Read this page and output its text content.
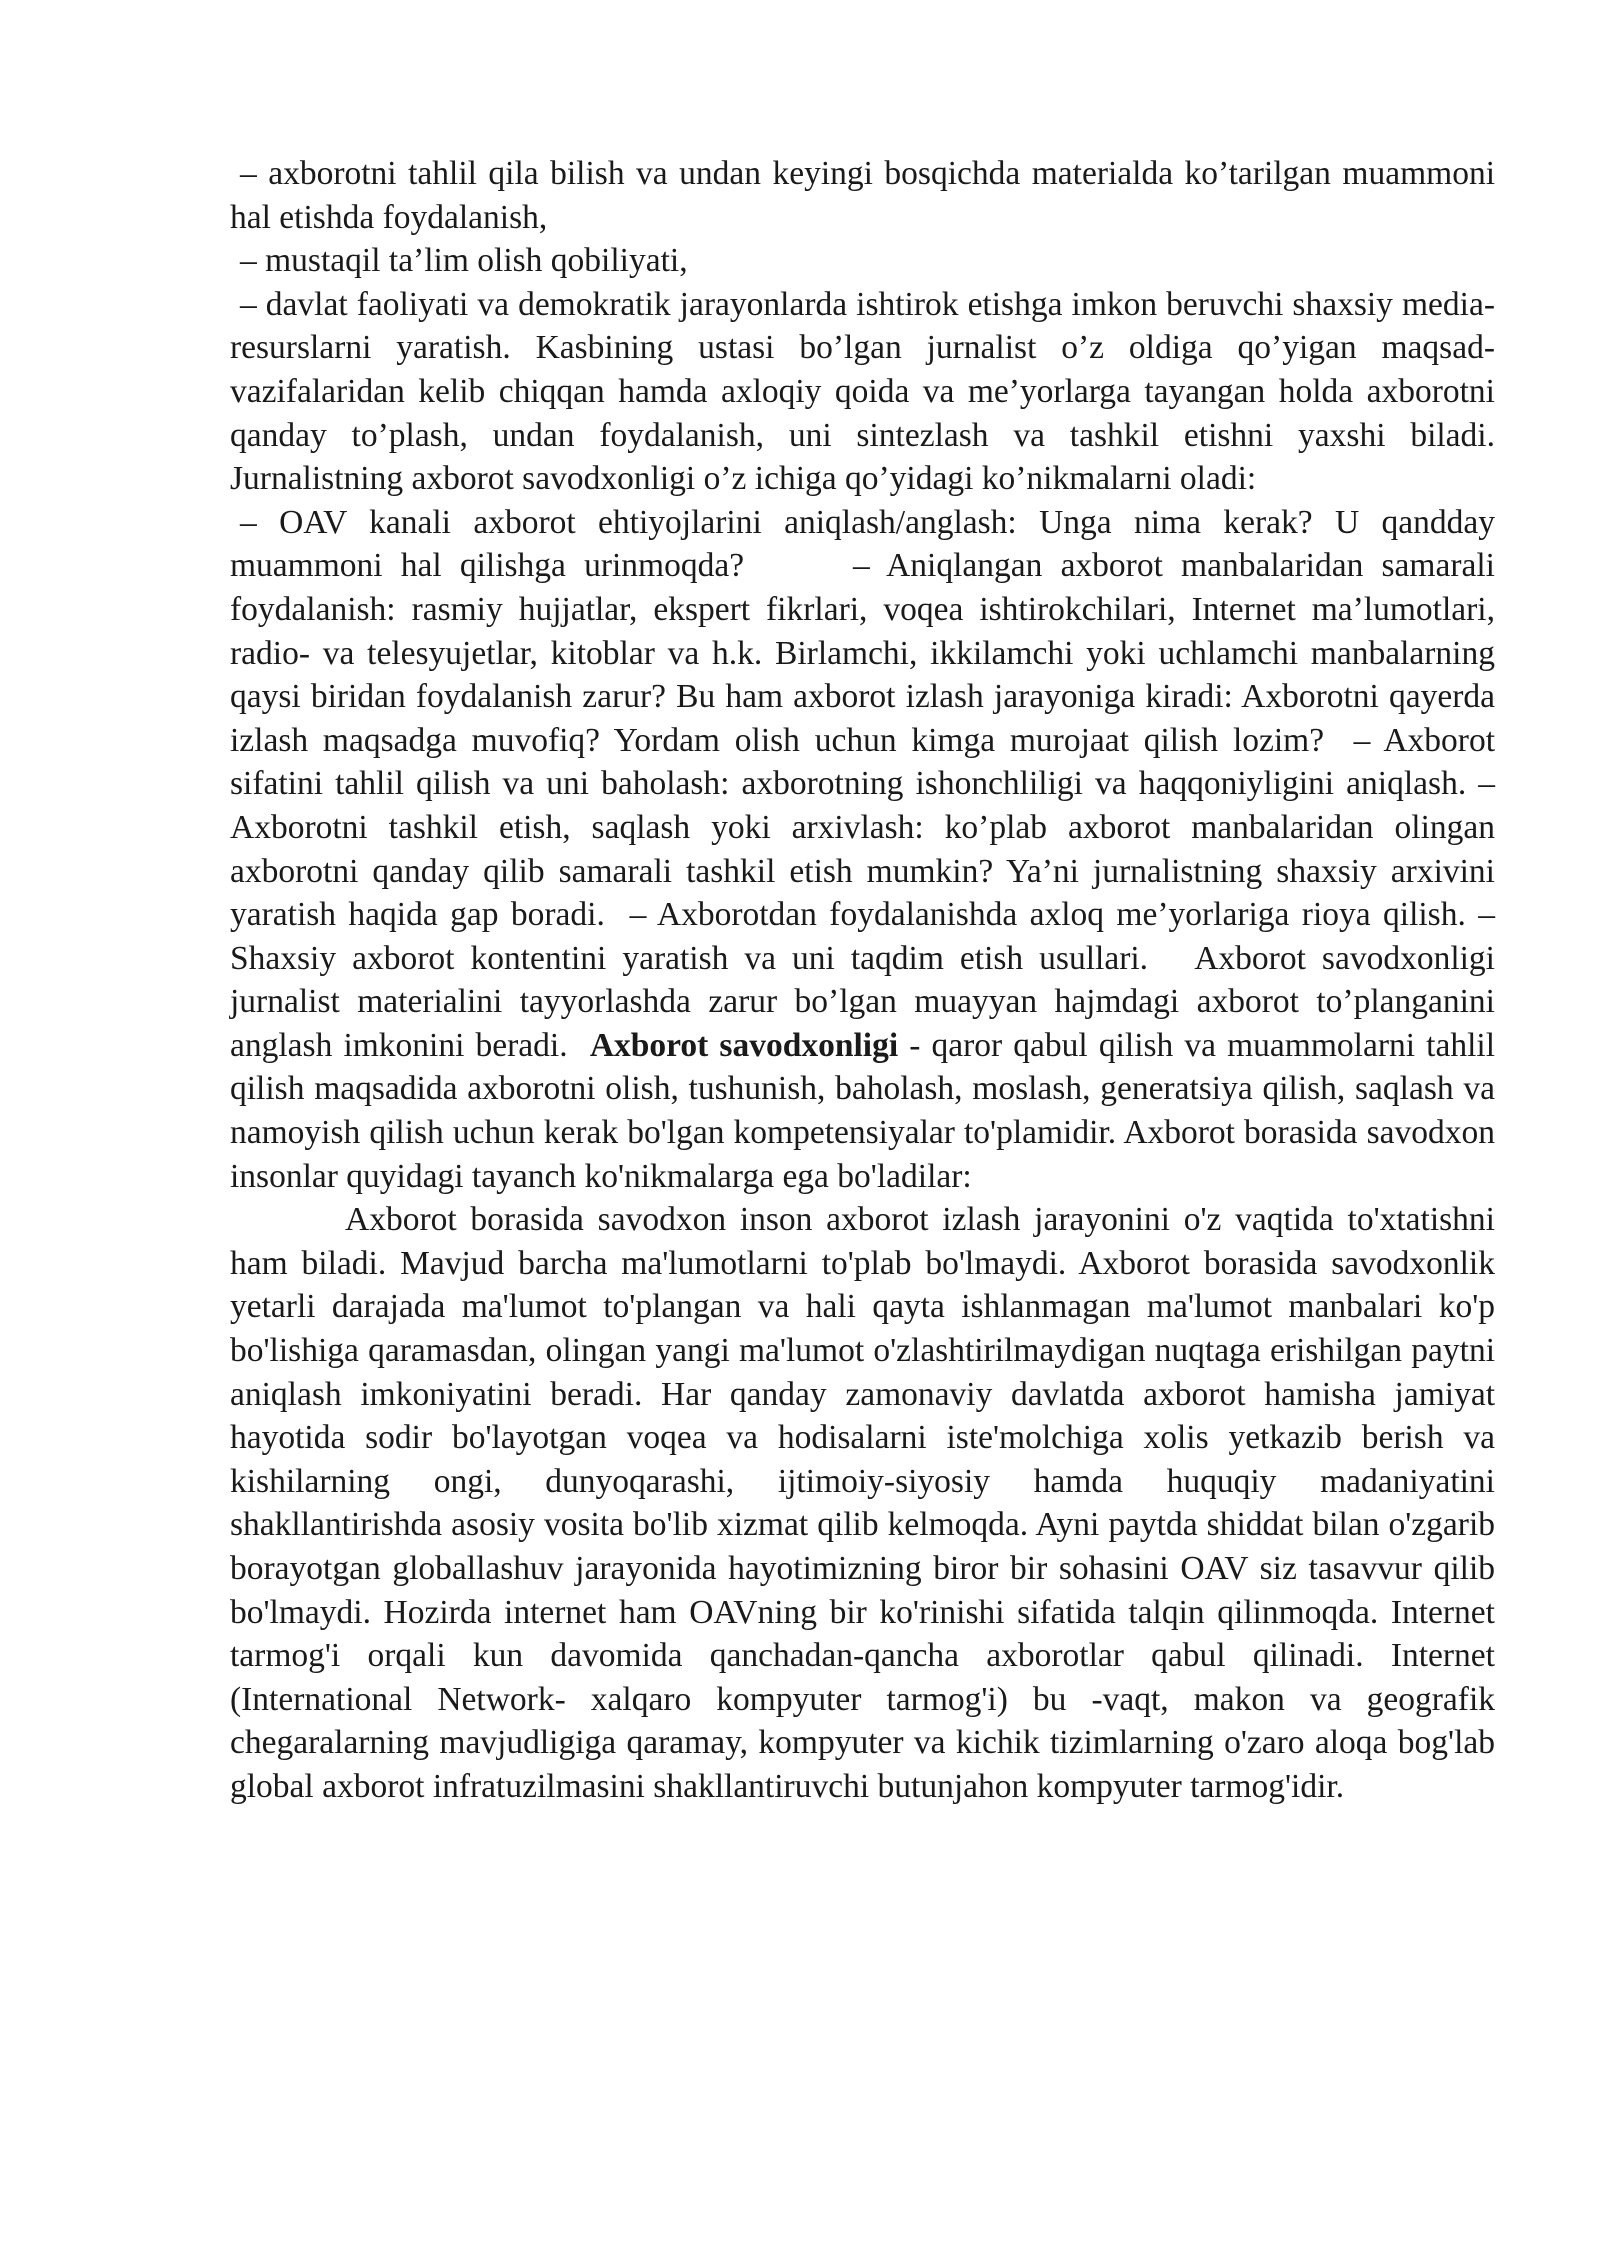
– axborotni tahlil qila bilish va undan keyingi bosqichda materialda ko’tarilgan muammoni hal etishda foydalanish,

– mustaqil ta’lim olish qobiliyati,

– davlat faoliyati va demokratik jarayonlarda ishtirok etishga imkon beruvchi shaxsiy media-resurslarni yaratish. Kasbining ustasi bo’lgan jurnalist o’z oldiga qo’yigan maqsad- vazifalaridan kelib chiqqan hamda axloqiy qoida va me’yorlarga tayangan holda axborotni qanday to’plash, undan foydalanish, uni sintezlash va tashkil etishni yaxshi biladi. Jurnalistning axborot savodxonligi o’z ichiga qo’yidagi ko’nikmalarni oladi:

– OAV kanali axborot ehtiyojlarini aniqlash/anglash: Unga nima kerak? U qandday muammoni hal qilishga urinmoqda?      – Aniqlangan axborot manbalaridan samarali foydalanish: rasmiy hujjatlar, ekspert fikrlari, voqea ishtirokchilari, Internet ma’lumotlari, radio- va telesyujetlar, kitoblar va h.k. Birlamchi, ikkilamchi yoki uchlamchi manbalarning qaysi biridan foydalanish zarur? Bu ham axborot izlash jarayoniga kiradi: Axborotni qayerda izlash maqsadga muvofiq? Yordam olish uchun kimga murojaat qilish lozim?  – Axborot sifatini tahlil qilish va uni baholash: axborotning ishonchliligi va haqqoniyligini aniqlash. – Axborotni tashkil etish, saqlash yoki arxivlash: ko’plab axborot manbalaridan olingan axborotni qanday qilib samarali tashkil etish mumkin? Ya’ni jurnalistning shaxsiy arxivini yaratish haqida gap boradi.  – Axborotdan foydalanishda axloq me’yorlariga rioya qilish. – Shaxsiy axborot kontentini yaratish va uni taqdim etish usullari.   Axborot savodxonligi jurnalist materialini tayyorlashda zarur bo’lgan muayyan hajmdagi axborot to’planganini anglash imkonini beradi.  Axborot savodxonligi - qaror qabul qilish va muammolarni tahlil qilish maqsadida axborotni olish, tushunish, baholash, moslash, generatsiya qilish, saqlash va namoyish qilish uchun kerak bo'lgan kompetensiyalar to'plamidir. Axborot borasida savodxon insonlar quyidagi tayanch ko'nikmalarga ega bo'ladilar:

Axborot borasida savodxon inson axborot izlash jarayonini o'z vaqtida to'xtatishni ham biladi. Mavjud barcha ma'lumotlarni to'plab bo'lmaydi. Axborot borasida savodxonlik yetarli darajada ma'lumot to'plangan va hali qayta ishlanmagan ma'lumot manbalari ko'p bo'lishiga qaramasdan, olingan yangi ma'lumot o'zlashtirilmaydigan nuqtaga erishilgan paytni aniqlash imkoniyatini beradi. Har qanday zamonaviy davlatda axborot hamisha jamiyat hayotida sodir bo'layotgan voqea va hodisalarni iste'molchiga xolis yetkazib berish va kishilarning ongi, dunyoqarashi, ijtimoiy-siyosiy hamda huquqiy madaniyatini shakllantirishda asosiy vosita bo'lib xizmat qilib kelmoqda. Ayni paytda shiddat bilan o'zgarib borayotgan globallashuv jarayonida hayotimizning biror bir sohasini OAV siz tasavvur qilib bo'lmaydi. Hozirda internet ham OAVning bir ko'rinishi sifatida talqin qilinmoqda. Internet tarmog'i orqali kun davomida qanchadan-qancha axborotlar qabul qilinadi. Internet (International Network- xalqaro kompyuter tarmog'i) bu -vaqt, makon va geografik chegaralarning mavjudligiga qaramay, kompyuter va kichik tizimlarning o'zaro aloqa bog'lab global axborot infratuzilmasini shakllantiruvchi butunjahon kompyuter tarmog'idir.
